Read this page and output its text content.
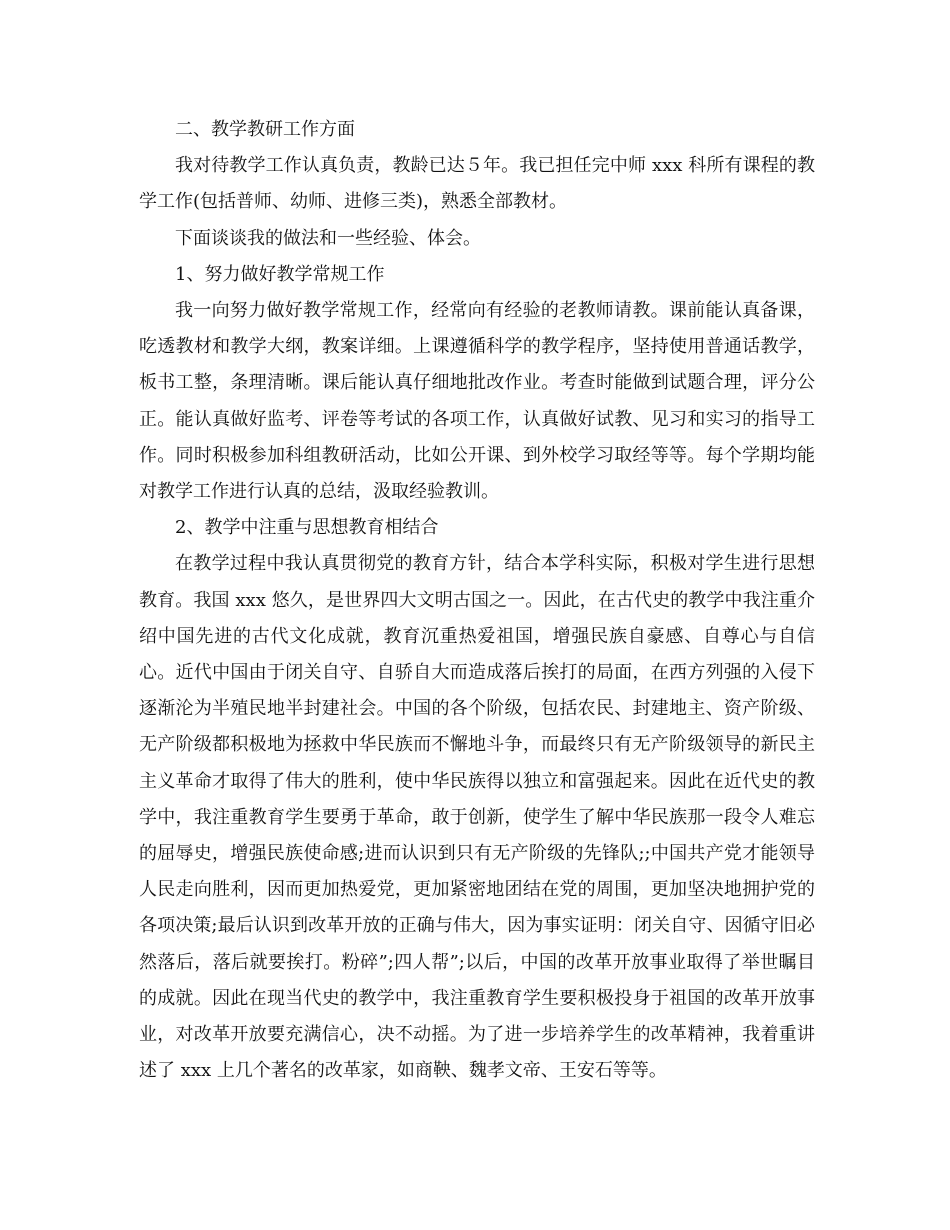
二、教学教研工作方面

我对待教学工作认真负责，教龄已达５年。我已担任完中师 xxx 科所有课程的教学工作(包括普师、幼师、进修三类)，熟悉全部教材。

下面谈谈我的做法和一些经验、体会。

1、努力做好教学常规工作

我一向努力做好教学常规工作，经常向有经验的老教师请教。课前能认真备课，吃透教材和教学大纲，教案详细。上课遵循科学的教学程序，坚持使用普通话教学，板书工整，条理清晰。课后能认真仔细地批改作业。考查时能做到试题合理，评分公正。能认真做好监考、评卷等考试的各项工作，认真做好试教、见习和实习的指导工作。同时积极参加科组教研活动，比如公开课、到外校学习取经等等。每个学期均能对教学工作进行认真的总结，汲取经验教训。

2、教学中注重与思想教育相结合

在教学过程中我认真贯彻党的教育方针，结合本学科实际，积极对学生进行思想教育。我国 xxx 悠久，是世界四大文明古国之一。因此，在古代史的教学中我注重介绍中国先进的古代文化成就，教育沉重热爱祖国，增强民族自豪感、自尊心与自信心。近代中国由于闭关自守、自骄自大而造成落后挨打的局面，在西方列强的入侵下逐渐沦为半殖民地半封建社会。中国的各个阶级，包括农民、封建地主、资产阶级、无产阶级都积极地为拯救中华民族而不懈地斗争，而最终只有无产阶级领导的新民主主义革命才取得了伟大的胜利，使中华民族得以独立和富强起来。因此在近代史的教学中，我注重教育学生要勇于革命，敢于创新，使学生了解中华民族那一段令人难忘的屈辱史，增强民族使命感;进而认识到只有无产阶级的先锋队;;中国共产党才能领导人民走向胜利，因而更加热爱党，更加紧密地团结在党的周围，更加坚决地拥护党的各项决策;最后认识到改革开放的正确与伟大，因为事实证明：闭关自守、因循守旧必然落后，落后就要挨打。粉碎”;四人帮”;以后，中国的改革开放事业取得了举世瞩目的成就。因此在现当代史的教学中，我注重教育学生要积极投身于祖国的改革开放事业，对改革开放要充满信心，决不动摇。为了进一步培养学生的改革精神，我着重讲述了 xxx 上几个著名的改革家，如商鞅、魏孝文帝、王安石等等。
